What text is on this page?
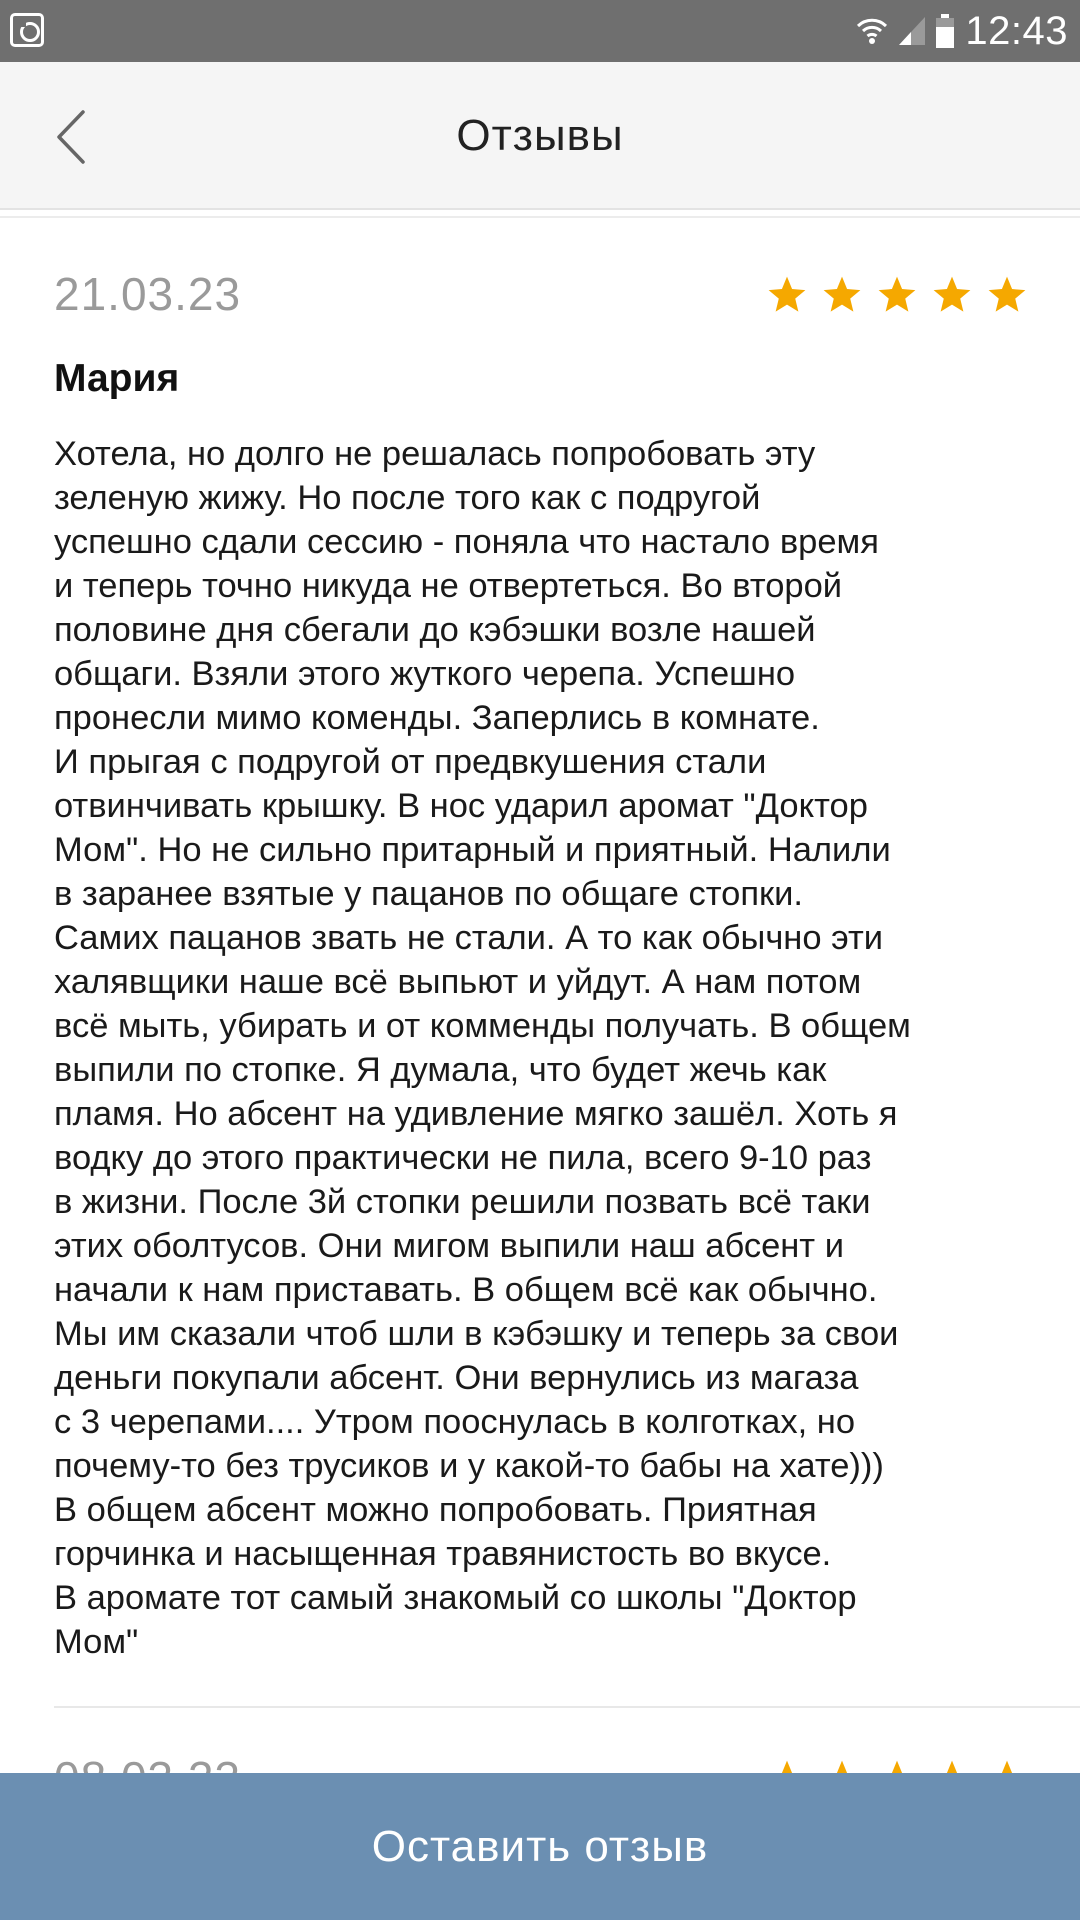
12:43
Отзывы
21.03.23
Мария
Хотела, но долго не решалась попробовать эту
зеленую жижу. Но после того как с подругой
успешно сдали сессию - поняла что настало время
и теперь точно никуда не отвертеться. Во второй
половине дня сбегали до кэбэшки возле нашей
общаги. Взяли этого жуткого черепа. Успешно
пронесли мимо коменды. Заперлись в комнате.
И прыгая с подругой от предвкушения стали
отвинчивать крышку. В нос ударил аромат "Доктор
Мом". Но не сильно притарный и приятный. Налили
в заранее взятые у пацанов по общаге стопки.
Самих пацанов звать не стали. А то как обычно эти
халявщики наше всё выпьют и уйдут. А нам потом
всё мыть, убирать и от комменды получать. В общем
выпили по стопке. Я думала, что будет жечь как
пламя. Но абсент на удивление мягко зашёл. Хоть я
водку до этого практически не пила, всего 9-10 раз
в жизни. После 3й стопки решили позвать всё таки
этих оболтусов. Они мигом выпили наш абсент и
начали к нам приставать. В общем всё как обычно.
Мы им сказали чтоб шли в кэбэшку и теперь за свои
деньги покупали абсент. Они вернулись из магаза
с 3 черепами.... Утром пооснулась в колготках, но
почему-то без трусиков и у какой-то бабы на хате)))
В общем абсент можно попробовать. Приятная
горчинка и насыщенная травянистость во вкусе.
В аромате тот самый знакомый со школы "Доктор
Мом"
Оставить отзыв
